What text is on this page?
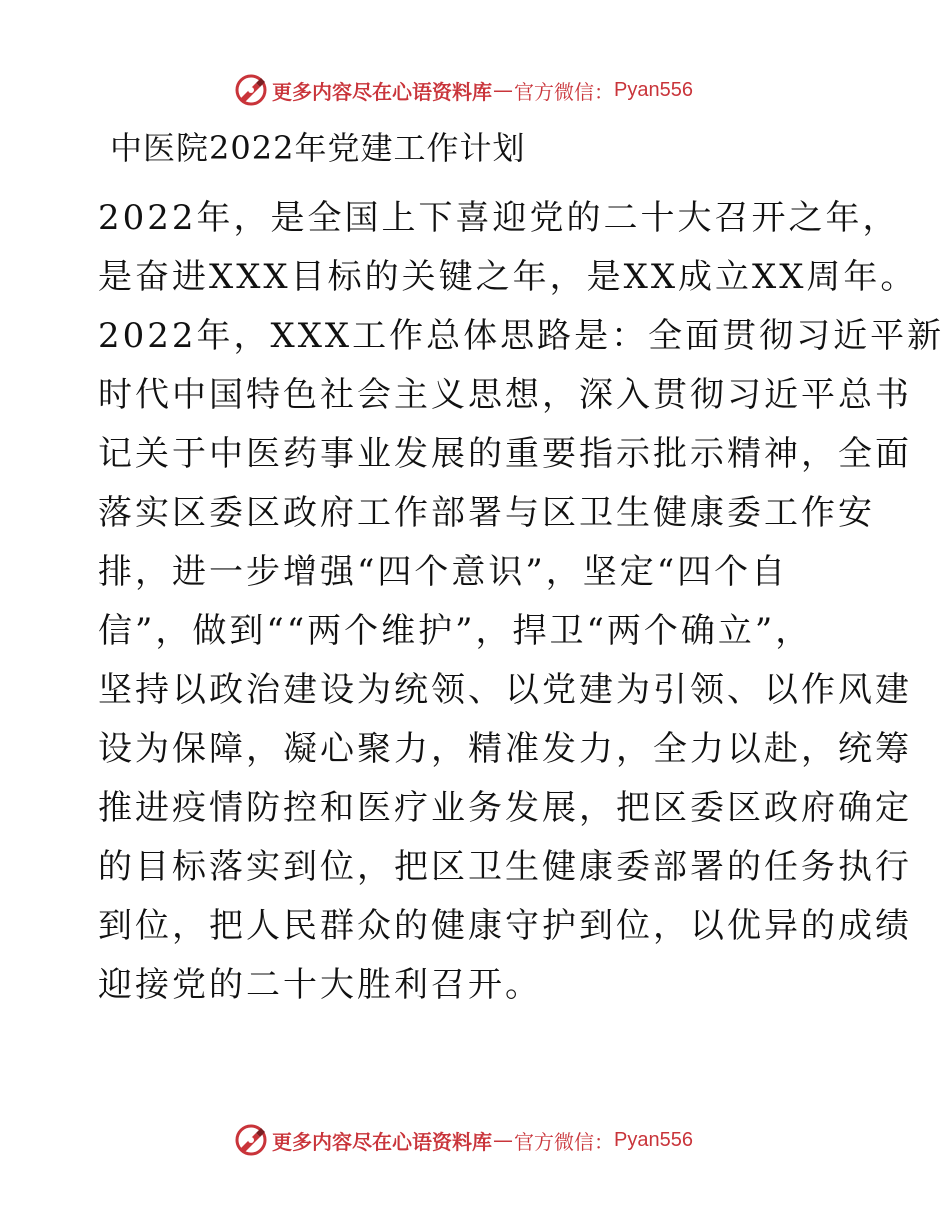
更多内容尽在心语资料库 — 官方微信： Pyan556
中医院2022年党建工作计划
2022年，是全国上下喜迎党的二十大召开之年，
是奋进XXX目标的关键之年，是XX成立XX周年。
2022年，XXX工作总体思路是：全面贯彻习近平新
时代中国特色社会主义思想，深入贯彻习近平总书
记关于中医药事业发展的重要指示批示精神，全面
落实区委区政府工作部署与区卫生健康委工作安
排，进一步增强“四个意识”，坚定“四个自
信”，做到““两个维护”，捍卫“两个确立”，
坚持以政治建设为统领、以党建为引领、以作风建
设为保障，凝心聚力，精准发力，全力以赴，统筹
推进疫情防控和医疗业务发展，把区委区政府确定
的目标落实到位，把区卫生健康委部署的任务执行
到位，把人民群众的健康守护到位，以优异的成绩
迎接党的二十大胜利召开。
更多内容尽在心语资料库 — 官方微信： Pyan556
